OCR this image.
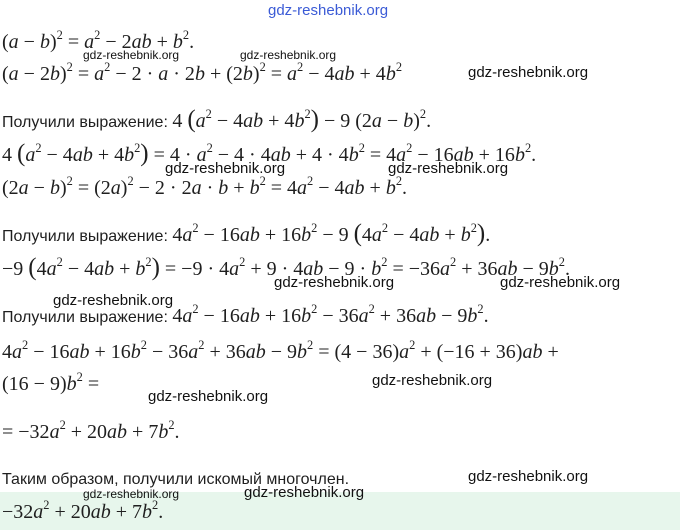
gdz-reshebnik.org
$(a - b)^2 = a^2 - 2ab + b^2$.
gdz-reshebnik.org	gdz-reshebnik.org
$(a - 2b)^2 = a^2 - 2 \cdot a \cdot 2b + (2b)^2 = a^2 - 4ab + 4b^2$	gdz-reshebnik.org
Получили выражение: 4 $(a^2 - 4ab + 4b^2) - 9$ $(2a - b)^2$.
4 $(a^2 - 4ab + 4b^2) = 4 \cdot a^2 - 4 \cdot 4ab + 4 \cdot 4b^2 = 4a^2 - 16ab + 16b^2$.
gdz-reshebnik.org	gdz-reshebnik.org
$(2a - b)^2 = (2a)^2 - 2 \cdot 2a \cdot b + b^2 = 4a^2 - 4ab + b^2$.
Получили выражение: $4a^2 - 16ab + 16b^2 - 9$ $(4a^2 - 4ab + b^2)$.
−9 $(4a^2 - 4ab + b^2) = -9 \cdot 4a^2 + 9 \cdot 4ab - 9 \cdot b^2 = -36a^2 + 36ab - 9b^2$.
gdz-reshebnik.org	gdz-reshebnik.org
gdz-reshebnik.org
Получили выражение: $4a^2 - 16ab + 16b^2 - 36a^2 + 36ab - 9b^2$.
$4a^2 - 16ab + 16b^2 - 36a^2 + 36ab - 9b^2 = (4 - 36)a^2 + (-16 + 36)ab$ +
$(16 - 9)b^2$ =	gdz-reshebnik.org
gdz-reshebnik.org
= $-32a^2 + 20ab + 7b^2$.
Таким образом, получили искомый многочлен.	gdz-reshebnik.org
gdz-reshebnik.org	gdz-reshebnik.org
$-32a^2 + 20ab + 7b^2$.
